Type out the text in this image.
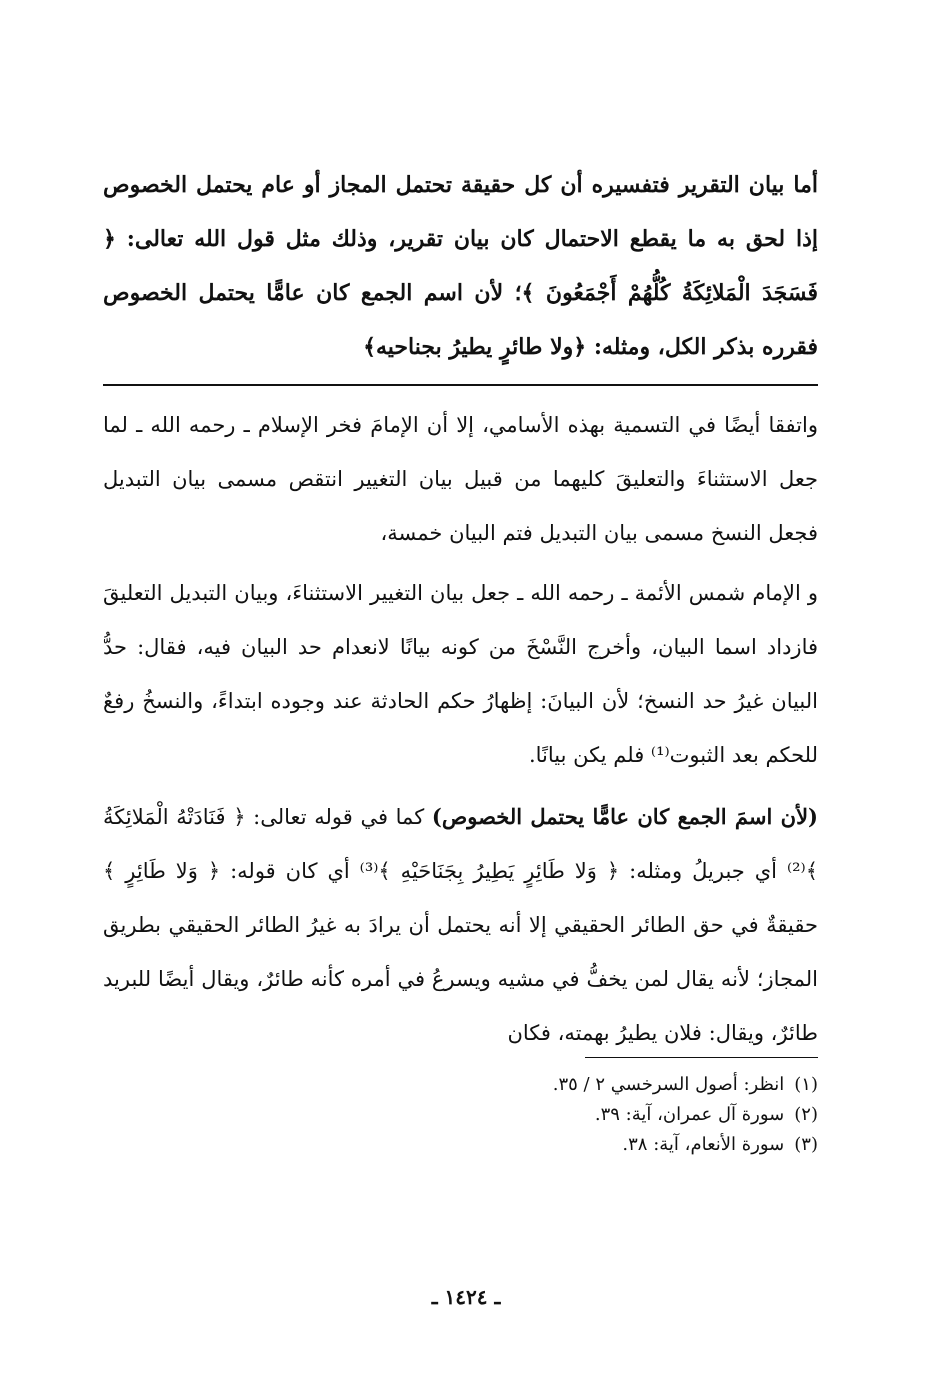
أما بيان التقرير فتفسيره أن كل حقيقة تحتمل المجاز أو عام يحتمل الخصوص إذا لحق به ما يقطع الاحتمال كان بيان تقرير، وذلك مثل قول الله تعالى: ﴿ فَسَجَدَ الْمَلائِكَةُ كُلُّهُمْ أَجْمَعُونَ ﴾؛ لأن اسم الجمع كان عامًّا يحتمل الخصوص فقرره بذكر الكل، ومثله: ﴿ولا طائرٍ يطيرُ بجناحيه﴾

واتفقا أيضًا في التسمية بهذه الأسامي، إلا أن الإمامَ فخر الإسلام ـ رحمه الله ـ لما جعل الاستثناءَ والتعليقَ كليهما من قبيل بيان التغيير انتقص مسمى بيان التبديل فجعل النسخ مسمى بيان التبديل فتم البيان خمسة،

و الإمام شمس الأئمة ـ رحمه الله ـ جعل بيان التغيير الاستثناءَ، وبيان التبديل التعليقَ فازداد اسما البيان، وأخرج النَّسْخَ من كونه بيانًا لانعدام حد البيان فيه، فقال: حدُّ البيان غيرُ حد النسخ؛ لأن البيانَ: إظهارُ حكم الحادثة عند وجوده ابتداءً، والنسخُ رفعٌ للحكم بعد الثبوت⁽¹⁾ فلم يكن بيانًا.

(لأن اسمَ الجمع كان عامًّا يحتمل الخصوص) كما في قوله تعالى: ﴿ فَنَادَتْهُ الْمَلائِكَةُ ﴾⁽²⁾ أي جبريلُ ومثله: ﴿ وَلا طَائِرٍ يَطِيرُ بِجَنَاحَيْهِ ﴾⁽³⁾ أي كان قوله: ﴿ وَلا طَائِرٍ ﴾ حقيقةٌ في حق الطائر الحقيقي إلا أنه يحتمل أن يرادَ به غيرُ الطائر الحقيقي بطريق المجاز؛ لأنه يقال لمن يخفُّ في مشيه ويسرعُ في أمره كأنه طائرٌ، ويقال أيضًا للبريد طائرٌ، ويقال: فلان يطيرُ بهمته، فكان

(١)انظر: أصول السرخسي ٢ / ٣٥.
(٢)سورة آل عمران، آية: ٣٩.
(٣)سورة الأنعام، آية: ٣٨.
ـ ١٤٢٤ ـ
